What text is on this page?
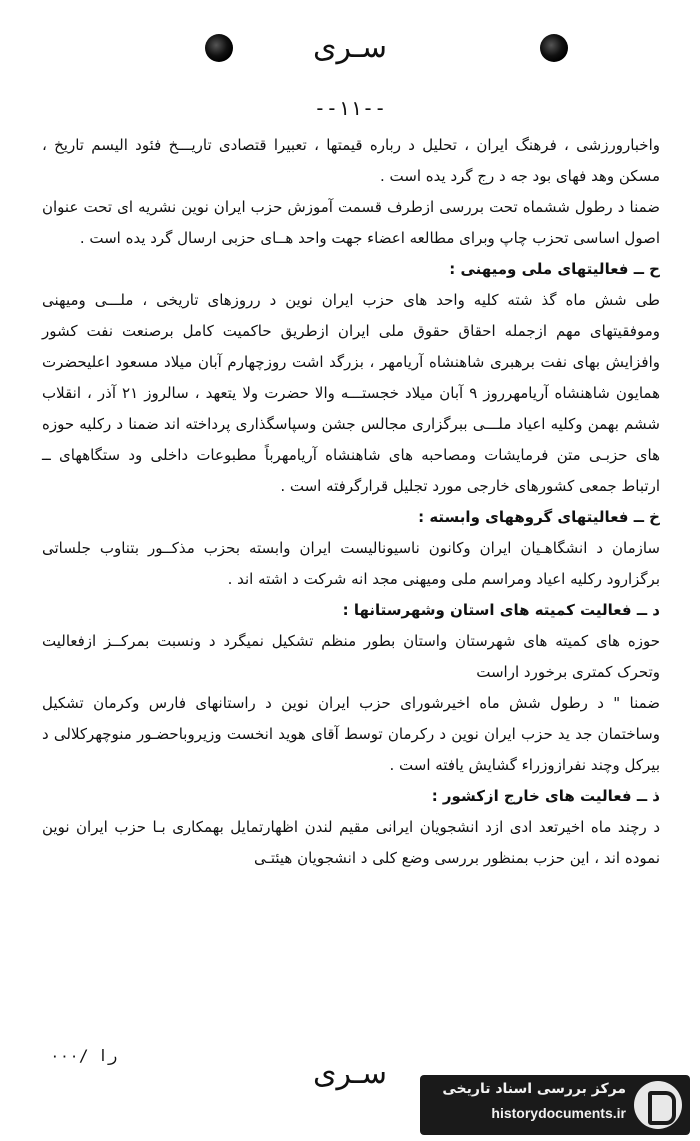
سـری
--۱۱--

واخبارورزشی ، فرهنگ ایران ، تحلیل د رباره قیمتها ، تعبیرا قتصادی تاریـــخ فئود الیسم تاریخ ، مسکن وهد فهای بود جه د رج گرد یده است .

ضمنا د رطول ششماه تحت بررسی ازطرف قسمت آموزش حزب ایران نوین نشریه ای تحت عنوان اصول اساسی تحزب چاپ وبرای مطالعه اعضاء جهت واحد هــای حزبی ارسال گرد یده است .

ح ــ فعالیتهای ملی ومیهنی :

طی شش ماه گذ شته کلیه واحد های حزب ایران نوین د رروزهای تاریخی ، ملـــی ومیهنی وموفقیتهای مهم ازجمله احقاق حقوق ملی ایران ازطریق حاکمیت کامل برصنعت نفت کشور وافزایش بهای نفت برهبری شاهنشاه آریامهر ، بزرگد اشت روزچهارم آبان میلاد مسعود اعلیحضرت همایون شاهنشاه آریامهرروز ۹ آبان میلاد خجستـــه والا حضرت ولا یتعهد ، سالروز ۲۱ آذر ، انقلاب ششم بهمن وکلیه اعیاد ملـــی ببرگزاری مجالس جشن وسپاسگذاری پرداخته اند ضمنا د رکلیه حوزه های حزبـی متن فرمایشات ومصاحبه های شاهنشاه آریامهرباً مطبوعات داخلی ود ستگاههای ــ ارتباط جمعی کشورهای خارجی مورد تجلیل قرارگرفته است .

خ ــ فعالیتهای گروههای وابسته :

سازمان د انشگاهـیان ایران وکانون ناسیونالیست ایران وابسته بحزب مذکــور بتناوب جلساتی برگزارود رکلیه اعیاد ومراسم ملی ومیهنی مجد انه شرکت د اشته اند .

د ــ فعالیت کمیته های استان وشهرستانها :

حوزه های کمیته های شهرستان واستان بطور منظم تشکیل نمیگرد د ونسبت بمرکــز ازفعالیت وتحرک کمتری برخورد اراست

ضمنا " د رطول شش ماه اخیرشورای حزب ایران نوین د راستانهای فارس وکرمان تشکیل وساختمان جد ید حزب ایران نوین د رکرمان توسط آقای هوید انخست وزیروباحضـور منوچهرکلالی د بیرکل وچند نفرازوزراء گشایش یافته است .

ذ ــ فعالیت های خارج ازکشور :

د رچند ماه اخیرتعد ادی ازد انشجویان ایرانی مقیم لندن اظهارتمایل بهمکاری بـا حزب ایران نوین نموده اند ، این حزب بمنظور بررسی وضع کلی د انشجویان هیئتـی

را /۰۰۰
سـری	مرکز بررسی اسناد تاریخی
historydocuments.ir
